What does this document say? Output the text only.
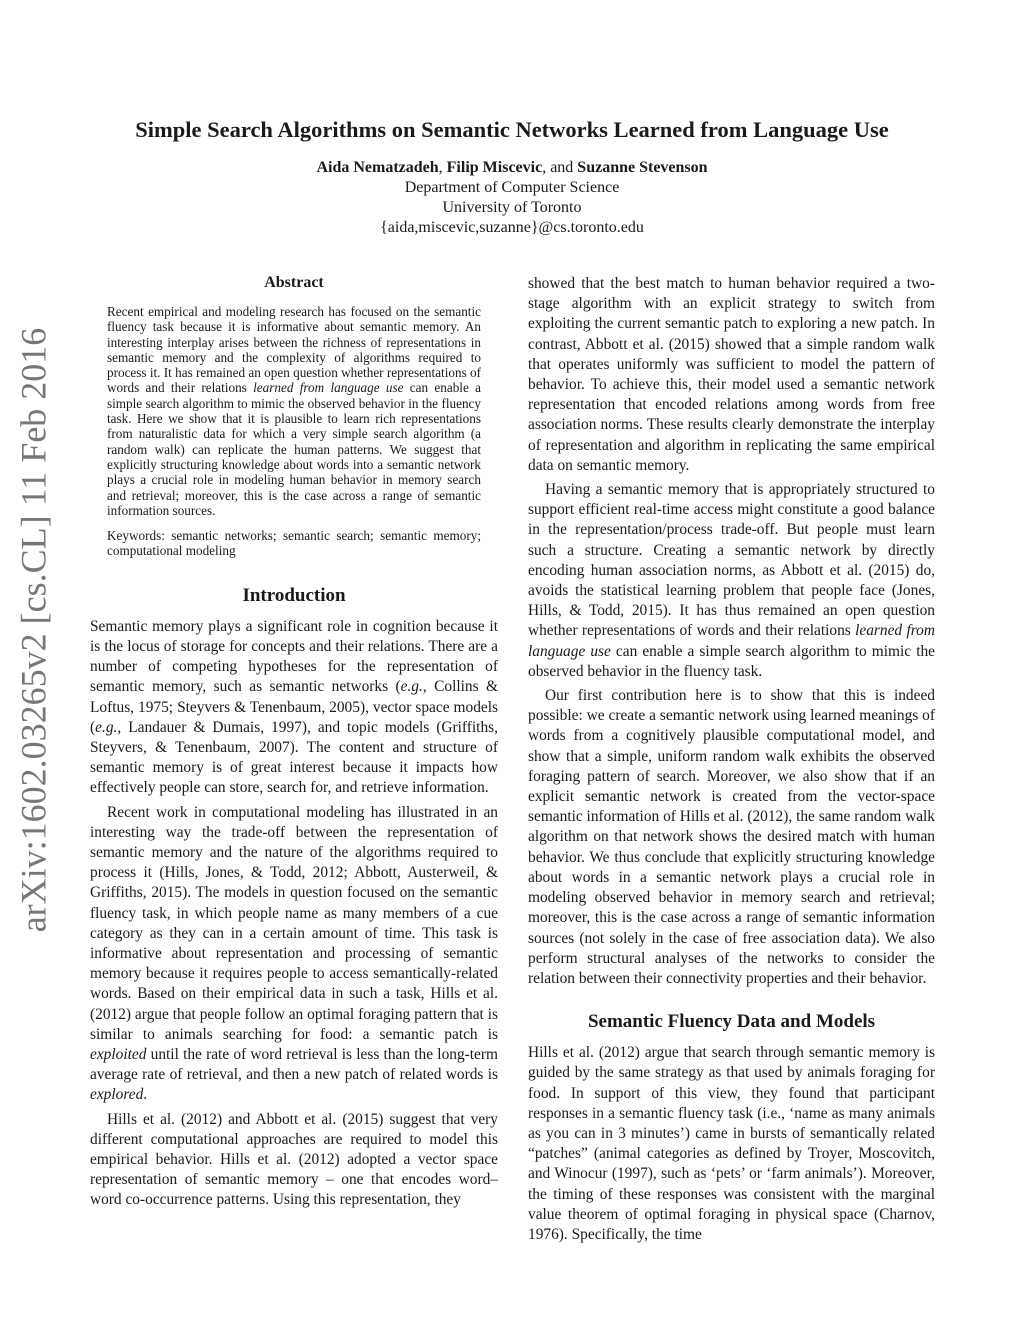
arXiv:1602.03265v2 [cs.CL] 11 Feb 2016
Simple Search Algorithms on Semantic Networks Learned from Language Use
Aida Nematzadeh, Filip Miscevic, and Suzanne Stevenson
Department of Computer Science
University of Toronto
{aida,miscevic,suzanne}@cs.toronto.edu
Abstract

Recent empirical and modeling research has focused on the semantic fluency task because it is informative about semantic memory. An interesting interplay arises between the richness of representations in semantic memory and the complexity of algorithms required to process it. It has remained an open question whether representations of words and their relations learned from language use can enable a simple search algorithm to mimic the observed behavior in the fluency task. Here we show that it is plausible to learn rich representations from naturalistic data for which a very simple search algorithm (a random walk) can replicate the human patterns. We suggest that explicitly structuring knowledge about words into a semantic network plays a crucial role in modeling human behavior in memory search and retrieval; moreover, this is the case across a range of semantic information sources.

Keywords: semantic networks; semantic search; semantic memory; computational modeling

Introduction

Semantic memory plays a significant role in cognition because it is the locus of storage for concepts and their relations. There are a number of competing hypotheses for the representation of semantic memory, such as semantic networks (e.g., Collins & Loftus, 1975; Steyvers & Tenenbaum, 2005), vector space models (e.g., Landauer & Dumais, 1997), and topic models (Griffiths, Steyvers, & Tenenbaum, 2007). The content and structure of semantic memory is of great interest because it impacts how effectively people can store, search for, and retrieve information.

Recent work in computational modeling has illustrated in an interesting way the trade-off between the representation of semantic memory and the nature of the algorithms required to process it (Hills, Jones, & Todd, 2012; Abbott, Austerweil, & Griffiths, 2015). The models in question focused on the semantic fluency task, in which people name as many members of a cue category as they can in a certain amount of time. This task is informative about representation and processing of semantic memory because it requires people to access semantically-related words. Based on their empirical data in such a task, Hills et al. (2012) argue that people follow an optimal foraging pattern that is similar to animals searching for food: a semantic patch is exploited until the rate of word retrieval is less than the long-term average rate of retrieval, and then a new patch of related words is explored.

Hills et al. (2012) and Abbott et al. (2015) suggest that very different computational approaches are required to model this empirical behavior. Hills et al. (2012) adopted a vector space representation of semantic memory – one that encodes word–word co-occurrence patterns. Using this representation, they

showed that the best match to human behavior required a two-stage algorithm with an explicit strategy to switch from exploiting the current semantic patch to exploring a new patch. In contrast, Abbott et al. (2015) showed that a simple random walk that operates uniformly was sufficient to model the pattern of behavior. To achieve this, their model used a semantic network representation that encoded relations among words from free association norms. These results clearly demonstrate the interplay of representation and algorithm in replicating the same empirical data on semantic memory.

Having a semantic memory that is appropriately structured to support efficient real-time access might constitute a good balance in the representation/process trade-off. But people must learn such a structure. Creating a semantic network by directly encoding human association norms, as Abbott et al. (2015) do, avoids the statistical learning problem that people face (Jones, Hills, & Todd, 2015). It has thus remained an open question whether representations of words and their relations learned from language use can enable a simple search algorithm to mimic the observed behavior in the fluency task.

Our first contribution here is to show that this is indeed possible: we create a semantic network using learned meanings of words from a cognitively plausible computational model, and show that a simple, uniform random walk exhibits the observed foraging pattern of search. Moreover, we also show that if an explicit semantic network is created from the vector-space semantic information of Hills et al. (2012), the same random walk algorithm on that network shows the desired match with human behavior. We thus conclude that explicitly structuring knowledge about words in a semantic network plays a crucial role in modeling observed behavior in memory search and retrieval; moreover, this is the case across a range of semantic information sources (not solely in the case of free association data). We also perform structural analyses of the networks to consider the relation between their connectivity properties and their behavior.

Semantic Fluency Data and Models

Hills et al. (2012) argue that search through semantic memory is guided by the same strategy as that used by animals foraging for food. In support of this view, they found that participant responses in a semantic fluency task (i.e., ‘name as many animals as you can in 3 minutes’) came in bursts of semantically related “patches” (animal categories as defined by Troyer, Moscovitch, and Winocur (1997), such as ‘pets’ or ‘farm animals’). Moreover, the timing of these responses was consistent with the marginal value theorem of optimal foraging in physical space (Charnov, 1976). Specifically, the time
